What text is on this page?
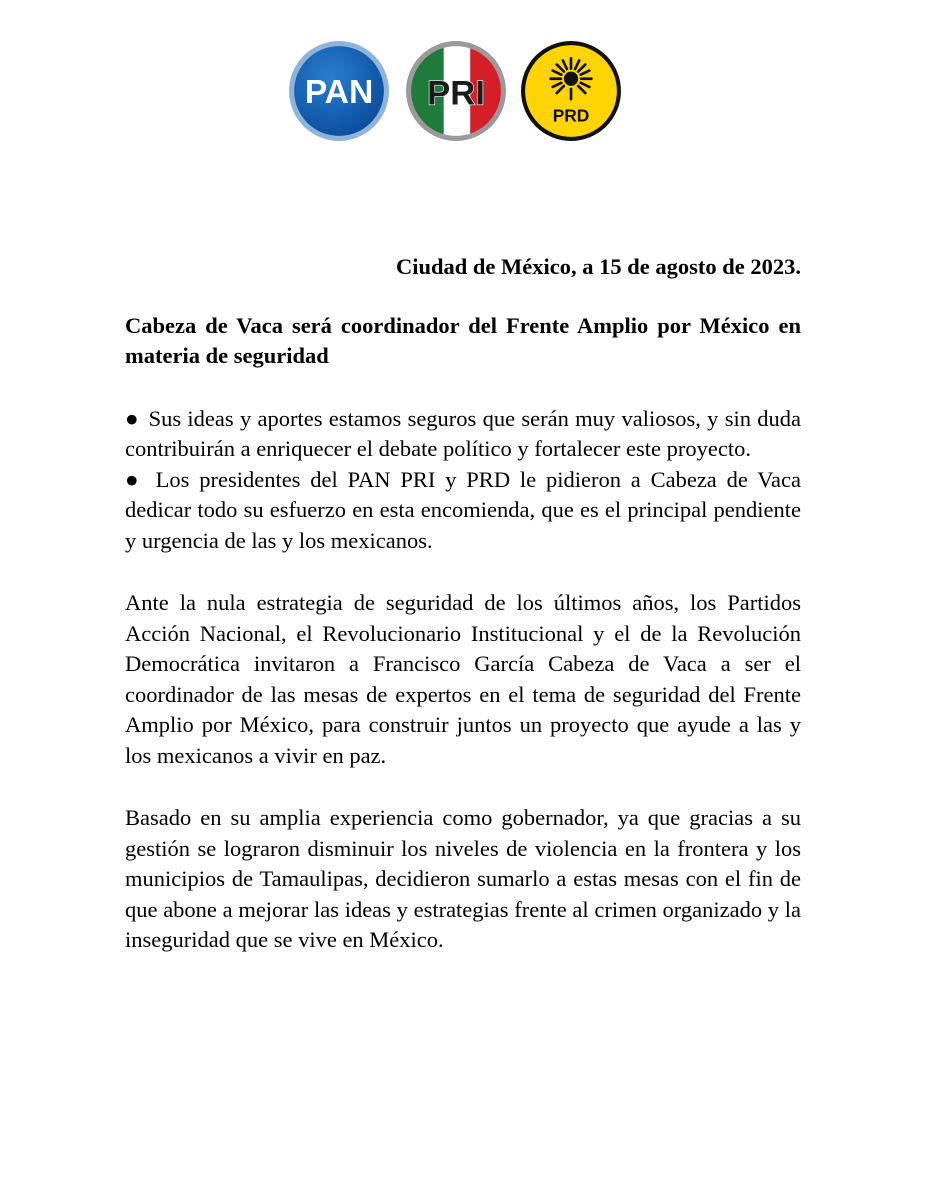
PAN PRI
PRD

Ciudad de México, a 15 de agosto de 2023.

Cabeza de Vaca será coordinador del Frente Amplio por México en materia de seguridad

● Sus ideas y aportes estamos seguros que serán muy valiosos, y sin duda contribuirán a enriquecer el debate político y fortalecer este proyecto.
● Los presidentes del PAN PRI y PRD le pidieron a Cabeza de Vaca dedicar todo su esfuerzo en esta encomienda, que es el principal pendiente y urgencia de las y los mexicanos.

Ante la nula estrategia de seguridad de los últimos años, los Partidos Acción Nacional, el Revolucionario Institucional y el de la Revolución Democrática invitaron a Francisco García Cabeza de Vaca a ser el coordinador de las mesas de expertos en el tema de seguridad del Frente Amplio por México, para construir juntos un proyecto que ayude a las y los mexicanos a vivir en paz.

Basado en su amplia experiencia como gobernador, ya que gracias a su gestión se lograron disminuir los niveles de violencia en la frontera y los municipios de Tamaulipas, decidieron sumarlo a estas mesas con el fin de que abone a mejorar las ideas y estrategias frente al crimen organizado y la inseguridad que se vive en México.
